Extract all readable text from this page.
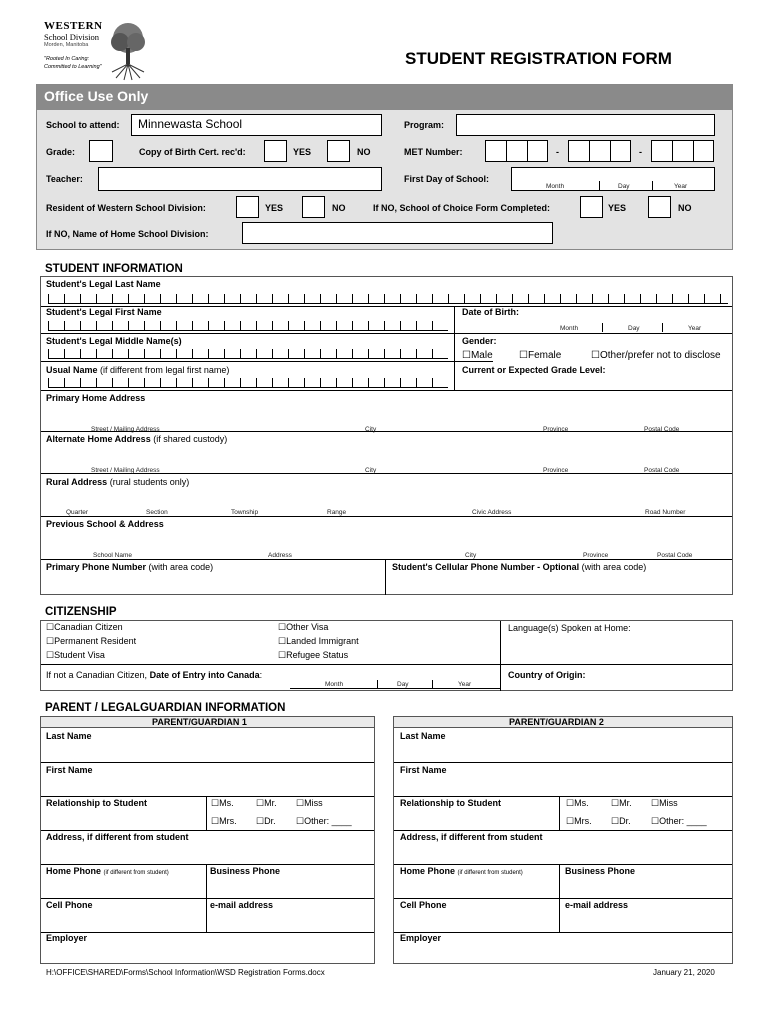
WESTERN
School Division
Morden, Manitoba
"Rooted In Caring:
Committed to Learning"	STUDENT REGISTRATION FORM
Office Use Only
School to attend: Minnewasta School	Program:
Grade:	Copy of Birth Cert. rec'd:	YES	NO	MET Number:	-	-
Teacher:	First Day of School:
Month	Day	Year
Resident of Western School Division:	YES	NO	If NO, School of Choice Form Completed:	YES	NO
If NO, Name of Home School Division:
STUDENT INFORMATION
Student's Legal Last Name
Student's Legal First Name	Date of Birth:
Month	Day	Year
Student's Legal Middle Name(s)	Gender:
☐Male	☐Female	☐Other/prefer not to disclose
Usual Name (if different from legal first name)	Current or Expected Grade Level:
Primary Home Address
Street / Mailing Address	City	Province	Postal Code
Alternate Home Address (if shared custody)
Street / Mailing Address	City	Province	Postal Code
Rural Address (rural students only)
Quarter	Section	Township	Range	Civic Address	Road Number
Previous School & Address
School Name	Address	City	Province	Postal Code
Primary Phone Number (with area code)	Student's Cellular Phone Number - Optional (with area code)
CITIZENSHIP
☐Canadian Citizen
☐Permanent Resident
☐Student Visa
☐Other Visa
☐Landed Immigrant
☐Refugee Status
Language(s) Spoken at Home:
If not a Canadian Citizen, Date of Entry into Canada:
Month	Day	Year
Country of Origin:
PARENT / LEGALGUARDIAN INFORMATION
PARENT/GUARDIAN 1
Last Name
First Name
Relationship to Student	☐Ms. ☐Mr. ☐Miss
☐Mrs. ☐Dr. ☐Other: ____
Address, if different from student
Home Phone (if different from student)	Business Phone
Cell Phone	e-mail address
Employer
PARENT/GUARDIAN 2
Last Name
First Name
Relationship to Student	☐Ms. ☐Mr. ☐Miss
☐Mrs. ☐Dr. ☐Other: ____
Address, if different from student
Home Phone (if different from student)	Business Phone
Cell Phone	e-mail address
Employer
H:\OFFICE\SHARED\Forms\School Information\WSD Registration Forms.docx	January 21, 2020
